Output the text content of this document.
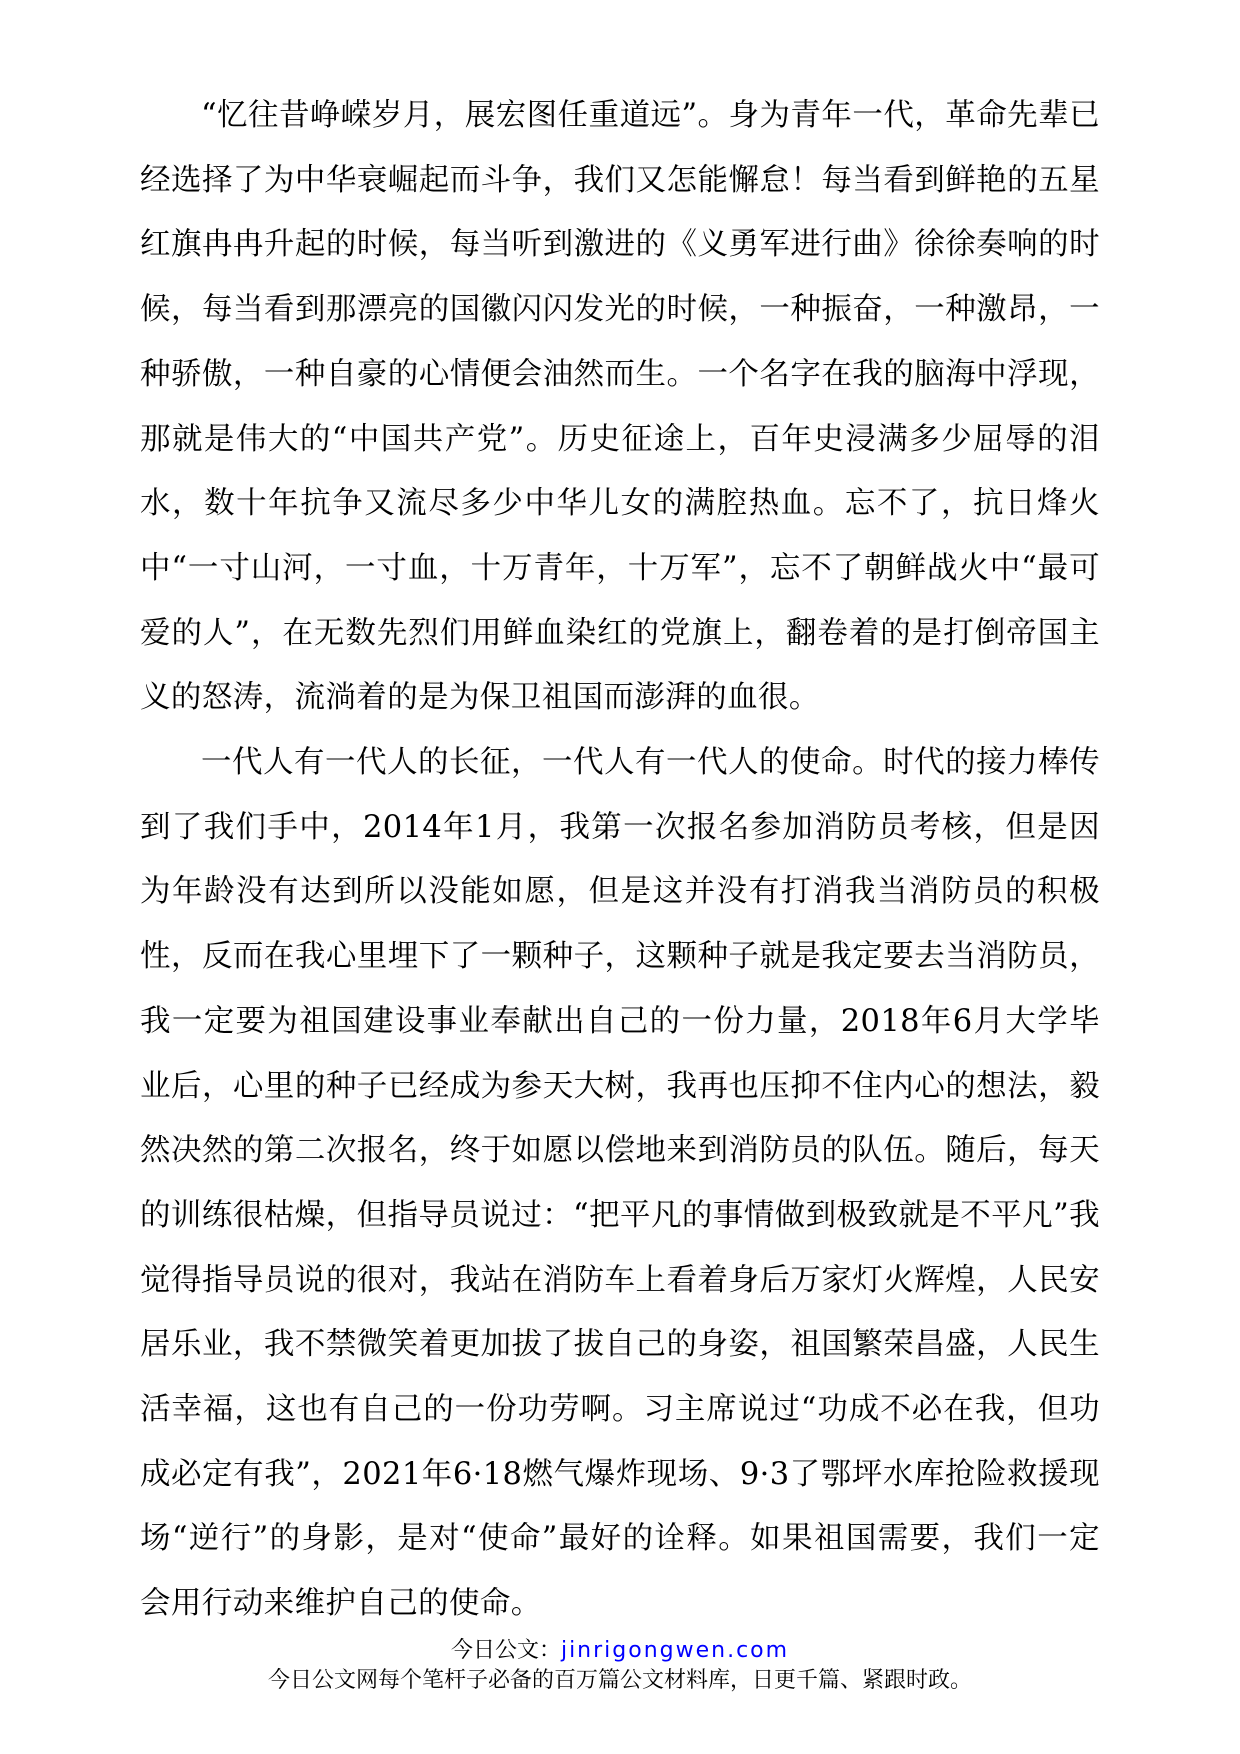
“忆往昔峥嵘岁月，展宏图任重道远”。身为青年一代，革命先辈已经选择了为中华衰崛起而斗争，我们又怎能懈怠！每当看到鲜艳的五星红旗冉冉升起的时候，每当听到激进的《义勇军进行曲》徐徐奏响的时候，每当看到那漂亮的国徽闪闪发光的时候，一种振奋，一种激昂，一种骄傲，一种自豪的心情便会油然而生。一个名字在我的脑海中浮现，那就是伟大的“中国共产党”。历史征途上，百年史浸满多少屈辱的泪水，数十年抗争又流尽多少中华儿女的满腔热血。忘不了，抗日烽火中“一寸山河，一寸血，十万青年，十万军”，忘不了朝鲜战火中“最可爱的人”，在无数先烈们用鲜血染红的党旗上，翻卷着的是打倒帝国主义的怒涛，流淌着的是为保卫祖国而澎湃的血很。

一代人有一代人的长征，一代人有一代人的使命。时代的接力棒传到了我们手中，2014年1月，我第一次报名参加消防员考核，但是因为年龄没有达到所以没能如愿，但是这并没有打消我当消防员的积极性，反而在我心里埋下了一颗种子，这颗种子就是我定要去当消防员，我一定要为祖国建设事业奉献出自己的一份力量，2018年6月大学毕业后，心里的种子已经成为参天大树，我再也压抑不住内心的想法，毅然决然的第二次报名，终于如愿以偿地来到消防员的队伍。随后，每天的训练很枯燥，但指导员说过：“把平凡的事情做到极致就是不平凡”我觉得指导员说的很对，我站在消防车上看着身后万家灯火辉煌，人民安居乐业，我不禁微笑着更加拔了拔自己的身姿，祖国繁荣昌盛，人民生活幸福，这也有自己的一份功劳啊。习主席说过“功成不必在我，但功成必定有我”，2021年6·18燃气爆炸现场、9·3了鄂坪水库抢险救援现场“逆行”的身影，是对“使命”最好的诠释。如果祖国需要，我们一定会用行动来维护自己的使命。

今日公文：jinrigongwen.com
今日公文网每个笔杆子必备的百万篇公文材料库，日更千篇、紧跟时政。
